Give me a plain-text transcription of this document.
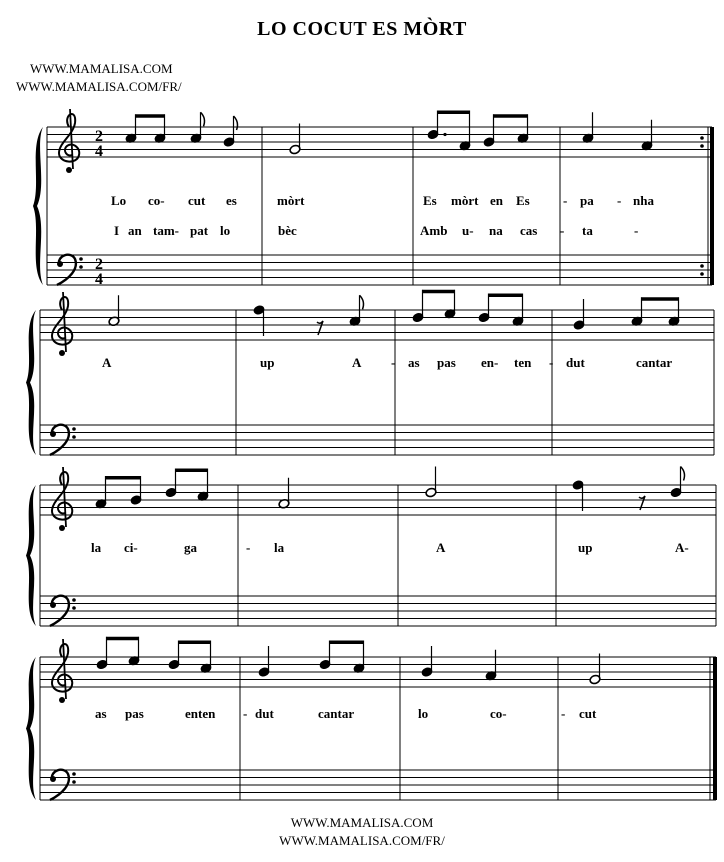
LO COCUT ES MÒRT
WWW.MAMALISA.COM
WWW.MAMALISA.COM/FR/
2
4
2
4
Lo co- cut es	mòrt	Es mòrt en Es	- pa - nha
I an tam- pat lo	bèc	Amb u- na cas - ta	-
A	up	A - as pas en- ten - dut	cantar
la ci-	ga	- la	A	up	A-
as pas	enten - dut	cantar	lo	co-	- cut
WWW.MAMALISA.COM
WWW.MAMALISA.COM/FR/
